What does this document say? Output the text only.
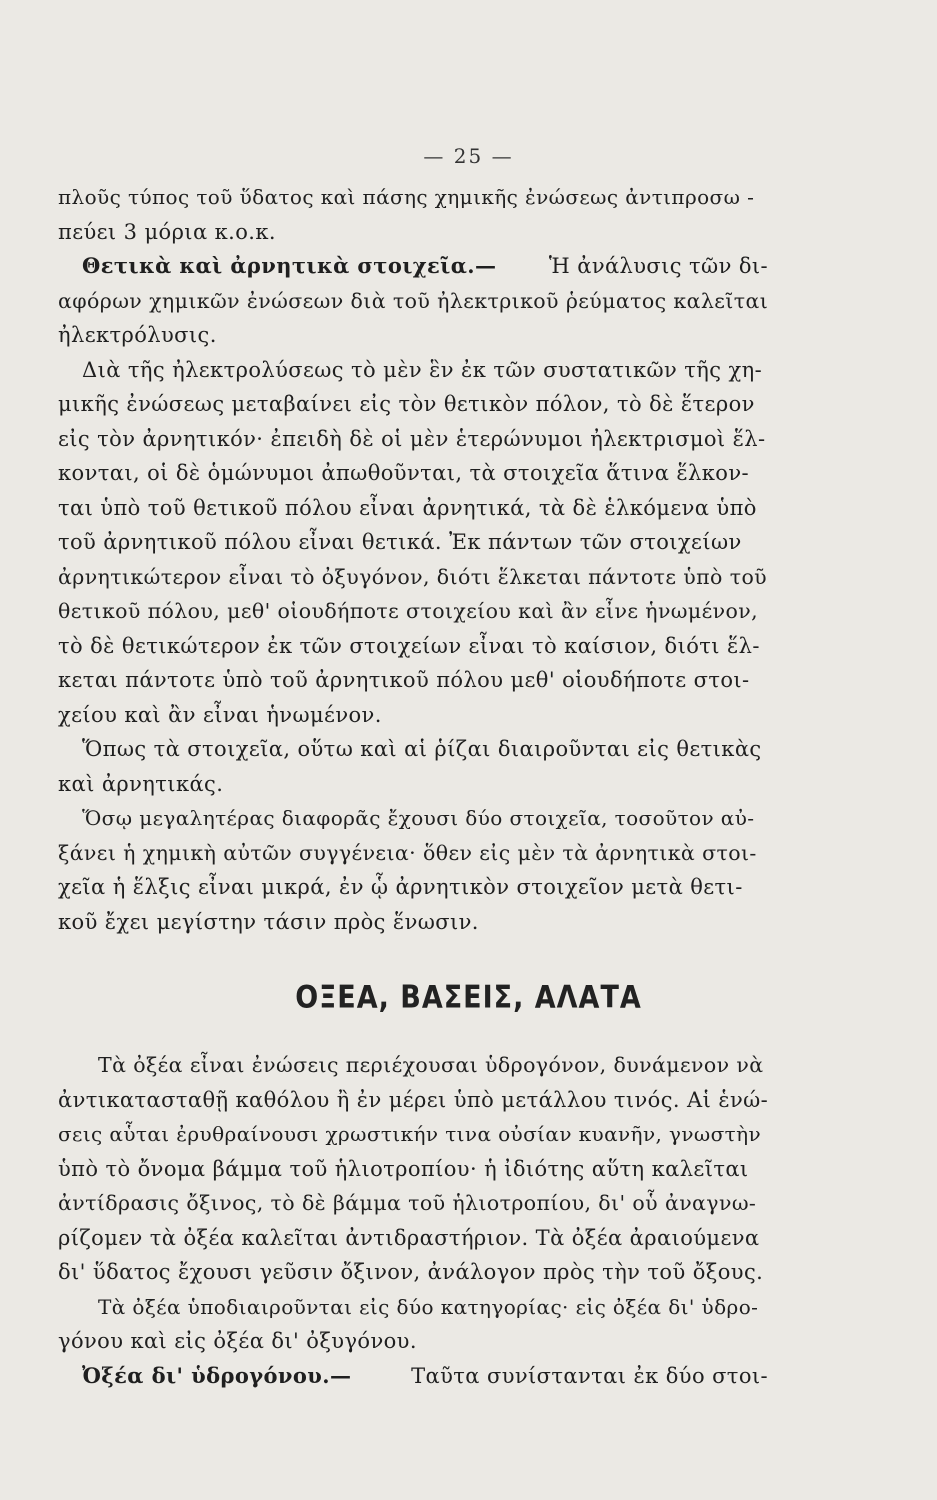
— 25 —
πλοῦς τύπος τοῦ ὕδατος καὶ πάσης χημικῆς ἐνώσεως ἀντιπροσω -
πεύει 3 μόρια κ.ο.κ.
Θετικὰ καὶ ἀρνητικὰ στοιχεῖα.—	Ἡ ἀνάλυσις τῶν δι-
αφόρων χημικῶν ἐνώσεων διὰ τοῦ ἠλεκτρικοῦ ῥεύματος καλεῖται
ἠλεκτρόλυσις.
Διὰ τῆς ἠλεκτρολύσεως τὸ μὲν ἓν ἐκ τῶν συστατικῶν τῆς χη-
μικῆς ἐνώσεως μεταβαίνει εἰς τὸν θετικὸν πόλον, τὸ δὲ ἕτερον
εἰς τὸν ἀρνητικόν· ἐπειδὴ δὲ οἱ μὲν ἑτερώνυμοι ἠλεκτρισμοὶ ἕλ-
κονται, οἱ δὲ ὁμώνυμοι ἀπωθοῦνται, τὰ στοιχεῖα ἅτινα ἕλκον-
ται ὑπὸ τοῦ θετικοῦ πόλου εἶναι ἀρνητικά, τὰ δὲ ἑλκόμενα ὑπὸ
τοῦ ἀρνητικοῦ πόλου εἶναι θετικά. Ἐκ πάντων τῶν στοιχείων
ἀρνητικώτερον εἶναι τὸ ὀξυγόνον, διότι ἕλκεται πάντοτε ὑπὸ τοῦ
θετικοῦ πόλου, μεθ' οἱουδήποτε στοιχείου καὶ ἂν εἶνε ἡνωμένον,
τὸ δὲ θετικώτερον ἐκ τῶν στοιχείων εἶναι τὸ καίσιον, διότι ἕλ-
κεται πάντοτε ὑπὸ τοῦ ἀρνητικοῦ πόλου μεθ' οἱουδήποτε στοι-
χείου καὶ ἂν εἶναι ἡνωμένον.
Ὅπως τὰ στοιχεῖα, οὕτω καὶ αἱ ῥίζαι διαιροῦνται εἰς θετικὰς
καὶ ἀρνητικάς.
Ὅσῳ μεγαλητέρας διαφορᾶς ἔχουσι δύο στοιχεῖα, τοσοῦτον αὐ-
ξάνει ἡ χημικὴ αὐτῶν συγγένεια· ὅθεν εἰς μὲν τὰ ἀρνητικὰ στοι-
χεῖα ἡ ἕλξις εἶναι μικρά, ἐν ᾧ ἀρνητικὸν στοιχεῖον μετὰ θετι-
κοῦ ἔχει μεγίστην τάσιν πρὸς ἕνωσιν.
ΟΞΕΑ, ΒΑΣΕΙΣ, ΑΛΑΤΑ
Τὰ ὀξέα εἶναι ἐνώσεις περιέχουσαι ὑδρογόνον, δυνάμενον νὰ
ἀντικατασταθῇ καθόλου ἢ ἐν μέρει ὑπὸ μετάλλου τινός. Αἱ ἑνώ-
σεις αὗται ἐρυθραίνουσι χρωστικήν τινα οὐσίαν κυανῆν, γνωστὴν
ὑπὸ τὸ ὄνομα βάμμα τοῦ ἡλιοτροπίου· ἡ ἰδιότης αὕτη καλεῖται
ἀντίδρασις ὄξινος, τὸ δὲ βάμμα τοῦ ἡλιοτροπίου, δι' οὗ ἀναγνω-
ρίζομεν τὰ ὀξέα καλεῖται ἀντιδραστήριον. Τὰ ὀξέα ἀραιούμενα
δι' ὕδατος ἔχουσι γεῦσιν ὄξινον, ἀνάλογον πρὸς τὴν τοῦ ὄξους.
Τὰ ὀξέα ὑποδιαιροῦνται εἰς δύο κατηγορίας· εἰς ὀξέα δι' ὑδρο-
γόνου καὶ εἰς ὀξέα δι' ὀξυγόνου.
Ὀξέα δι' ὑδρογόνου.—	Ταῦτα συνίστανται ἐκ δύο στοι-
